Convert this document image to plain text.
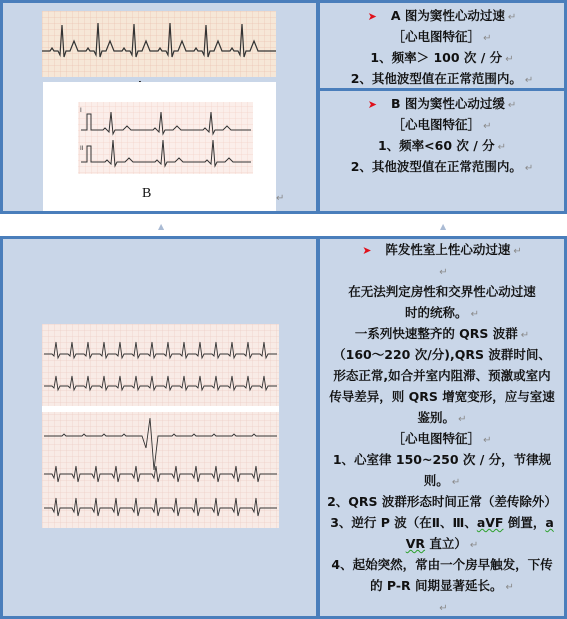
I
II
B	↵
➤ A 图为窦性心动过速 ↵
［心电图特征］ ↵
1、频率＞ 100 次 / 分 ↵
2、其他波型值在正常范围内。 ↵
➤ B 图为窦性心动过缓 ↵
［心电图特征］ ↵
1、频率<60 次 / 分 ↵
2、其他波型值在正常范围内。 ↵
▲	▲
➤ 阵发性室上性心动过速 ↵
↵
在无法判定房性和交界性心动过速
时的统称。 ↵
一系列快速整齐的 QRS 波群 ↵
（160～220 次/分),QRS 波群时间、
形态正常,如合并室内阻滞、预激或室内
传导差异，则 QRS 增宽变形，应与室速
鉴别。 ↵
［心电图特征］ ↵
1、心室律 150~250 次 / 分，节律规
则。 ↵
2、QRS 波群形态时间正常（差传除外）
3、逆行 P 波（在Ⅱ、Ⅲ、aVF 倒置，a
VR 直立） ↵
4、起始突然，常由一个房早触发，下传
的 P-R 间期显著延长。 ↵
↵
